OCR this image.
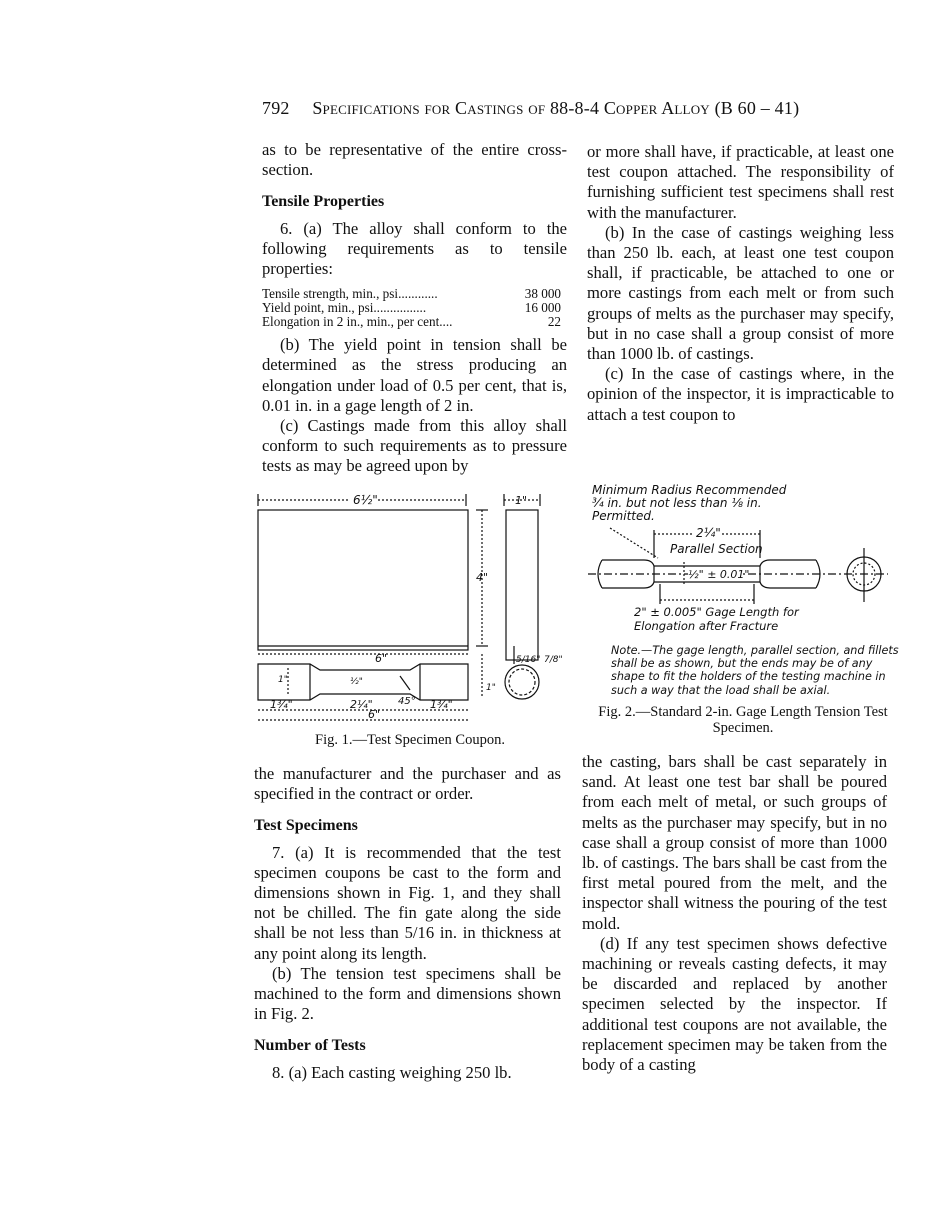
792 Specifications for Castings of 88-8-4 Copper Alloy (B 60 – 41)

as to be representative of the entire cross-section.

Tensile Properties

6. (a) The alloy shall conform to the following requirements as to tensile properties:

Tensile strength, min., psi............	38 000
Yield point, min., psi................	16 000
Elongation in 2 in., min., per cent....	22

(b) The yield point in tension shall be determined as the stress producing an elongation under load of 0.5 per cent, that is, 0.01 in. in a gage length of 2 in.

(c) Castings made from this alloy shall conform to such requirements as to pressure tests as may be agreed upon by

or more shall have, if practicable, at least one test coupon attached. The responsibility of furnishing sufficient test specimens shall rest with the manufacturer.

(b) In the case of castings weighing less than 250 lb. each, at least one test coupon shall, if practicable, be attached to one or more castings from each melt or from such groups of melts as the purchaser may specify, but in no case shall a group consist of more than 1000 lb. of castings.

(c) In the case of castings where, in the opinion of the inspector, it is impracticable to attach a test coupon to

6½"
6"
1"	½"
1¾"	2¼"	45° 1¾"
6"
4"
1"
1"
5/16" 7/8"
Fig. 1.—Test Specimen Coupon.
Minimum Radius Recommended
¾ in. but not less than ⅛ in.
Permitted.
2¼"
Parallel Section
½" ± 0.01"
2" ± 0.005" Gage Length for
Elongation after Fracture
Note.—The gage length, parallel section, and fillets shall be as shown, but the ends may be of any shape to fit the holders of the testing machine in such a way that the load shall be axial.
Fig. 2.—Standard 2-in. Gage Length Tension Test Specimen.

the manufacturer and the purchaser and as specified in the contract or order.

Test Specimens

7. (a) It is recommended that the test specimen coupons be cast to the form and dimensions shown in Fig. 1, and they shall not be chilled. The fin gate along the side shall be not less than 5/16 in. in thickness at any point along its length.

(b) The tension test specimens shall be machined to the form and dimensions shown in Fig. 2.

Number of Tests

8. (a) Each casting weighing 250 lb.

the casting, bars shall be cast separately in sand. At least one test bar shall be poured from each melt of metal, or such groups of melts as the purchaser may specify, but in no case shall a group consist of more than 1000 lb. of castings. The bars shall be cast from the first metal poured from the melt, and the inspector shall witness the pouring of the test mold.

(d) If any test specimen shows defective machining or reveals casting defects, it may be discarded and replaced by another specimen selected by the inspector. If additional test coupons are not available, the replacement specimen may be taken from the body of a casting
